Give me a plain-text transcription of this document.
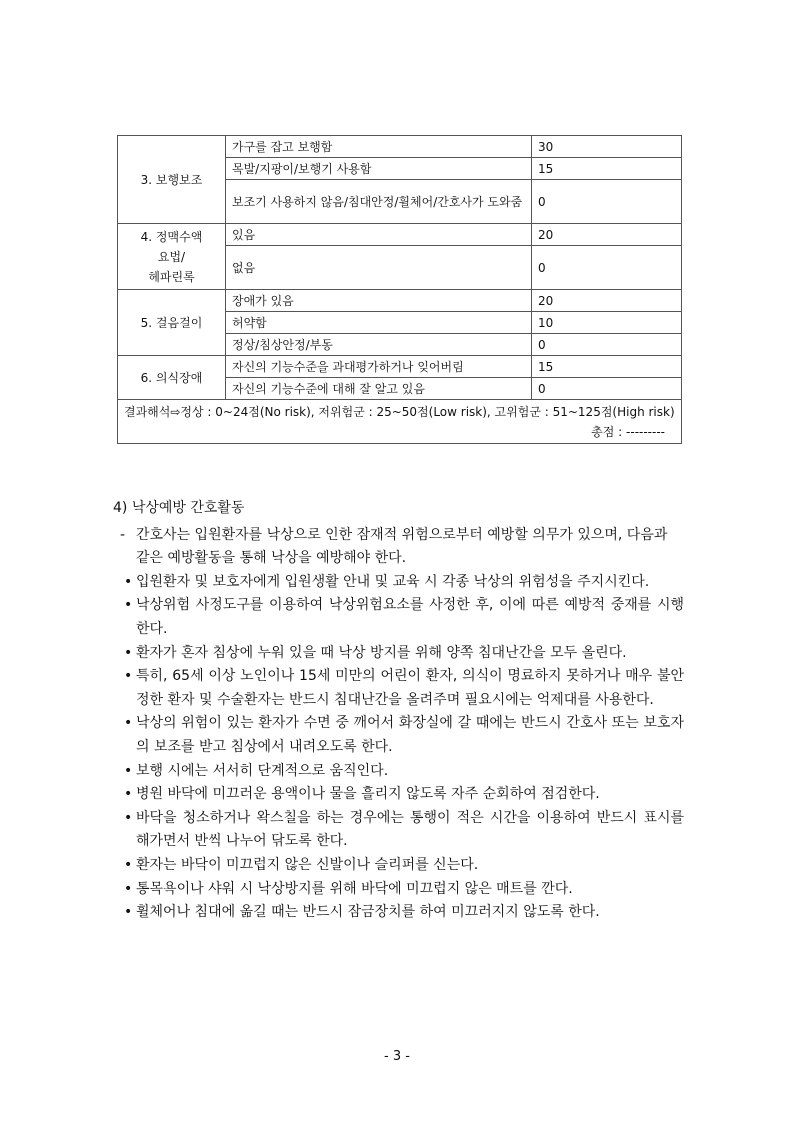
3. 보행보조	가구를 잡고 보행함	30
	목발/지팡이/보행기 사용함	15
	보조기 사용하지 않음/침대안정/휠체어/간호사가 도와줌	0

4. 정맥수액
요법/
헤파린록	있음	20
	없음	0

5. 걸음걸이	장애가 있음	20
	허약함	10
	정상/침상안정/부동	0

6. 의식장애	자신의 기능수준을 과대평가하거나 잊어버림	15
	자신의 기능수준에 대해 잘 알고 있음	0

결과해석⇨정상 : 0~24점(No risk), 저위험군 : 25~50점(Low risk), 고위험군 : 51~125점(High risk)
총점 : ---------		

4) 낙상예방 간호활동

- 간호사는 입원환자를 낙상으로 인한 잠재적 위험으로부터 예방할 의무가 있으며, 다음과 같은 예방활동을 통해 낙상을 예방해야 한다.

• 입원환자 및 보호자에게 입원생활 안내 및 교육 시 각종 낙상의 위험성을 주지시킨다.

• 낙상위험 사정도구를 이용하여 낙상위험요소를 사정한 후, 이에 따른 예방적 중재를 시행한다.

• 환자가 혼자 침상에 누워 있을 때 낙상 방지를 위해 양쪽 침대난간을 모두 올린다.

• 특히, 65세 이상 노인이나 15세 미만의 어린이 환자, 의식이 명료하지 못하거나 매우 불안정한 환자 및 수술환자는 반드시 침대난간을 올려주며 필요시에는 억제대를 사용한다.

• 낙상의 위험이 있는 환자가 수면 중 깨어서 화장실에 갈 때에는 반드시 간호사 또는 보호자의 보조를 받고 침상에서 내려오도록 한다.

• 보행 시에는 서서히 단계적으로 움직인다.

• 병원 바닥에 미끄러운 용액이나 물을 흘리지 않도록 자주 순회하여 점검한다.

• 바닥을 청소하거나 왁스칠을 하는 경우에는 통행이 적은 시간을 이용하여 반드시 표시를 해가면서 반씩 나누어 닦도록 한다.

• 환자는 바닥이 미끄럽지 않은 신발이나 슬리퍼를 신는다.

• 통목욕이나 샤워 시 낙상방지를 위해 바닥에 미끄럽지 않은 매트를 깐다.

• 휠체어나 침대에 옮길 때는 반드시 잠금장치를 하여 미끄러지지 않도록 한다.

- 3 -
